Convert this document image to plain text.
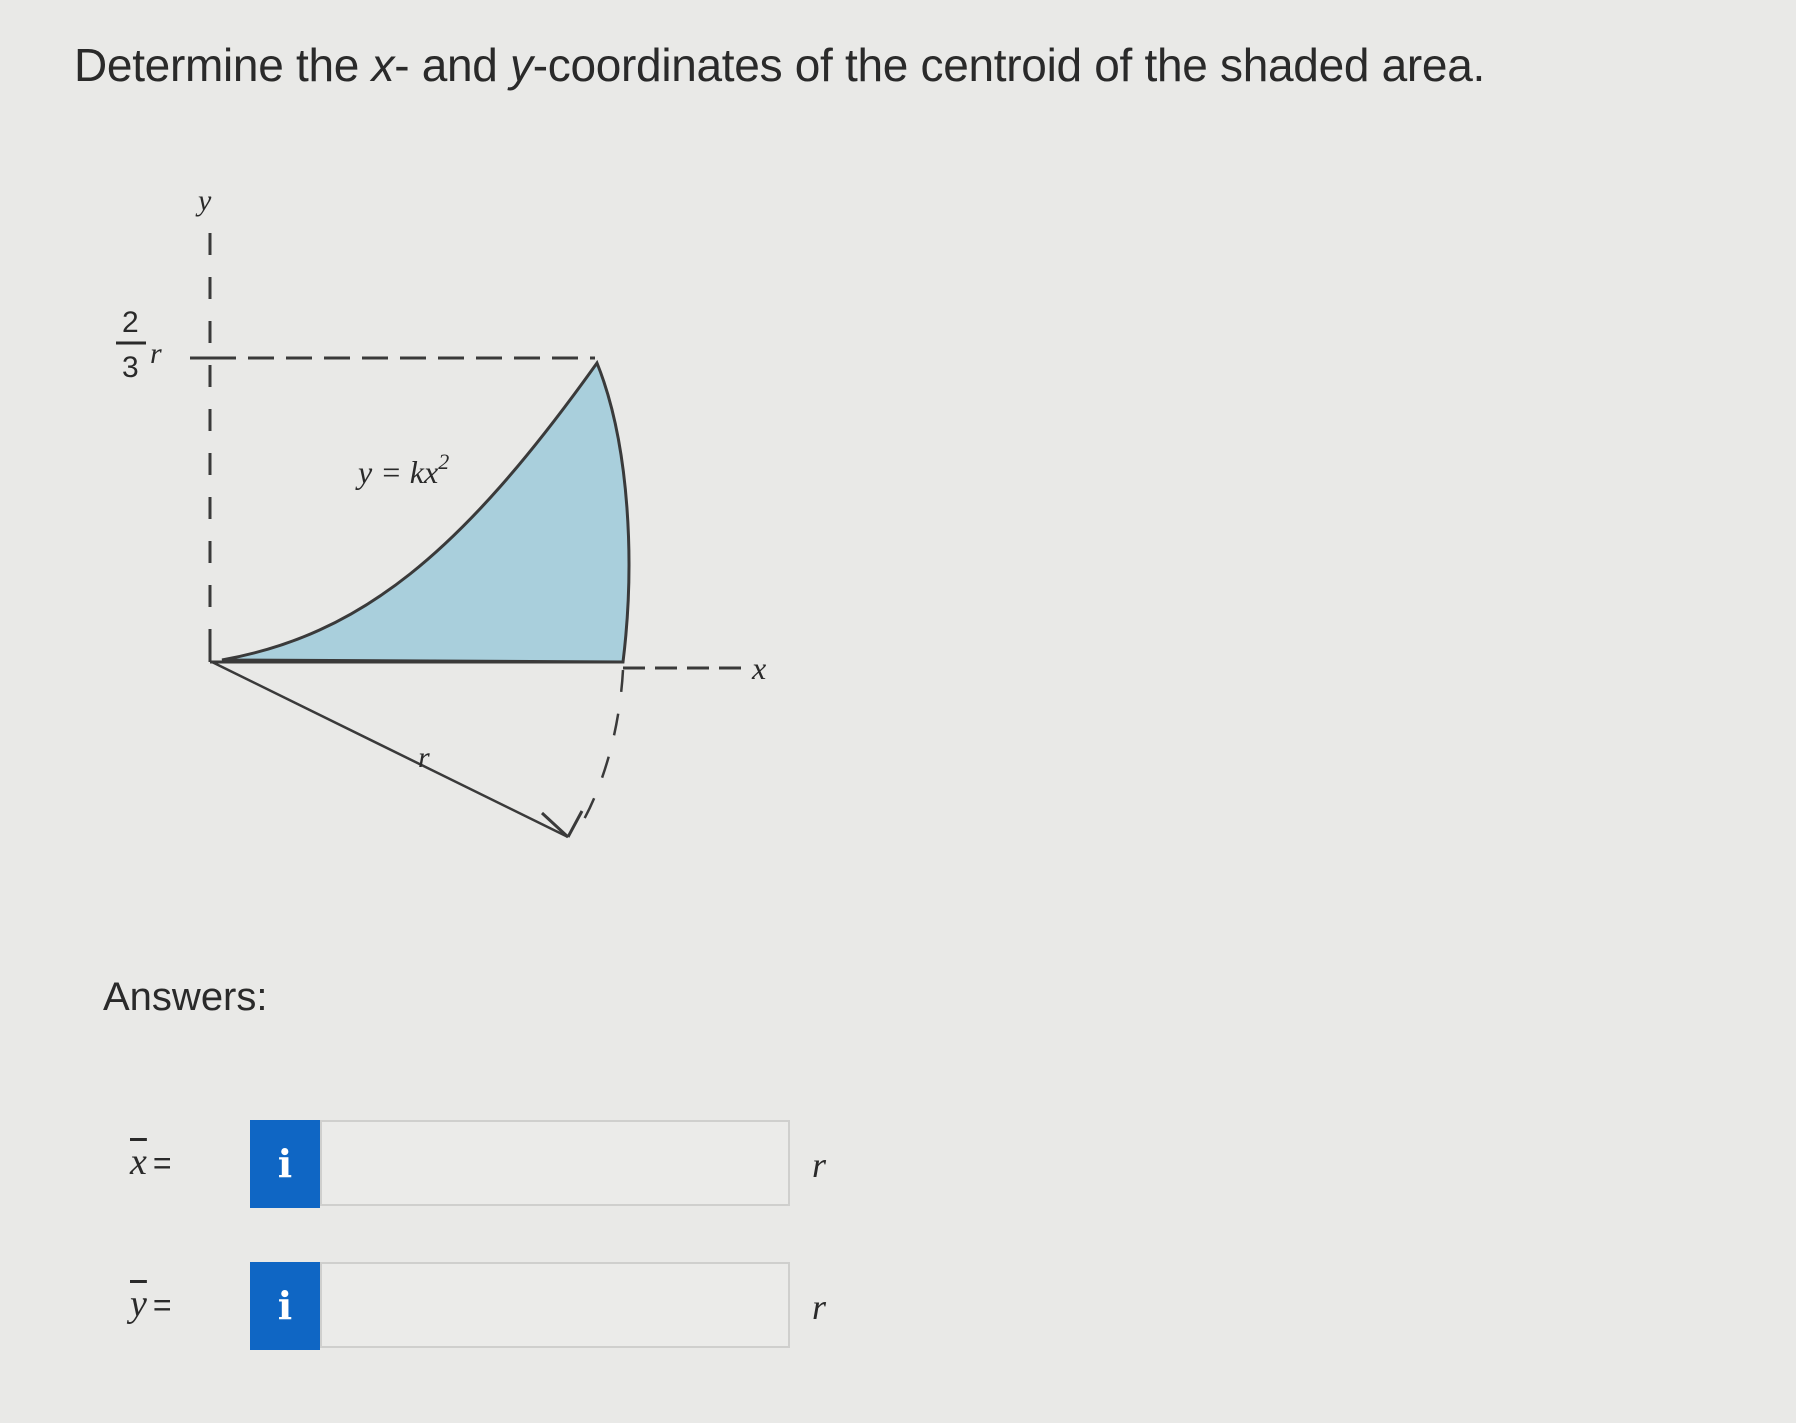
Determine the x- and y-coordinates of the centroid of the shaded area.
y
x
2
3 r
$y = kx^2$
r
Answers:
$\overline{x}$ =	i	r
$\overline{y}$ =	i	r
